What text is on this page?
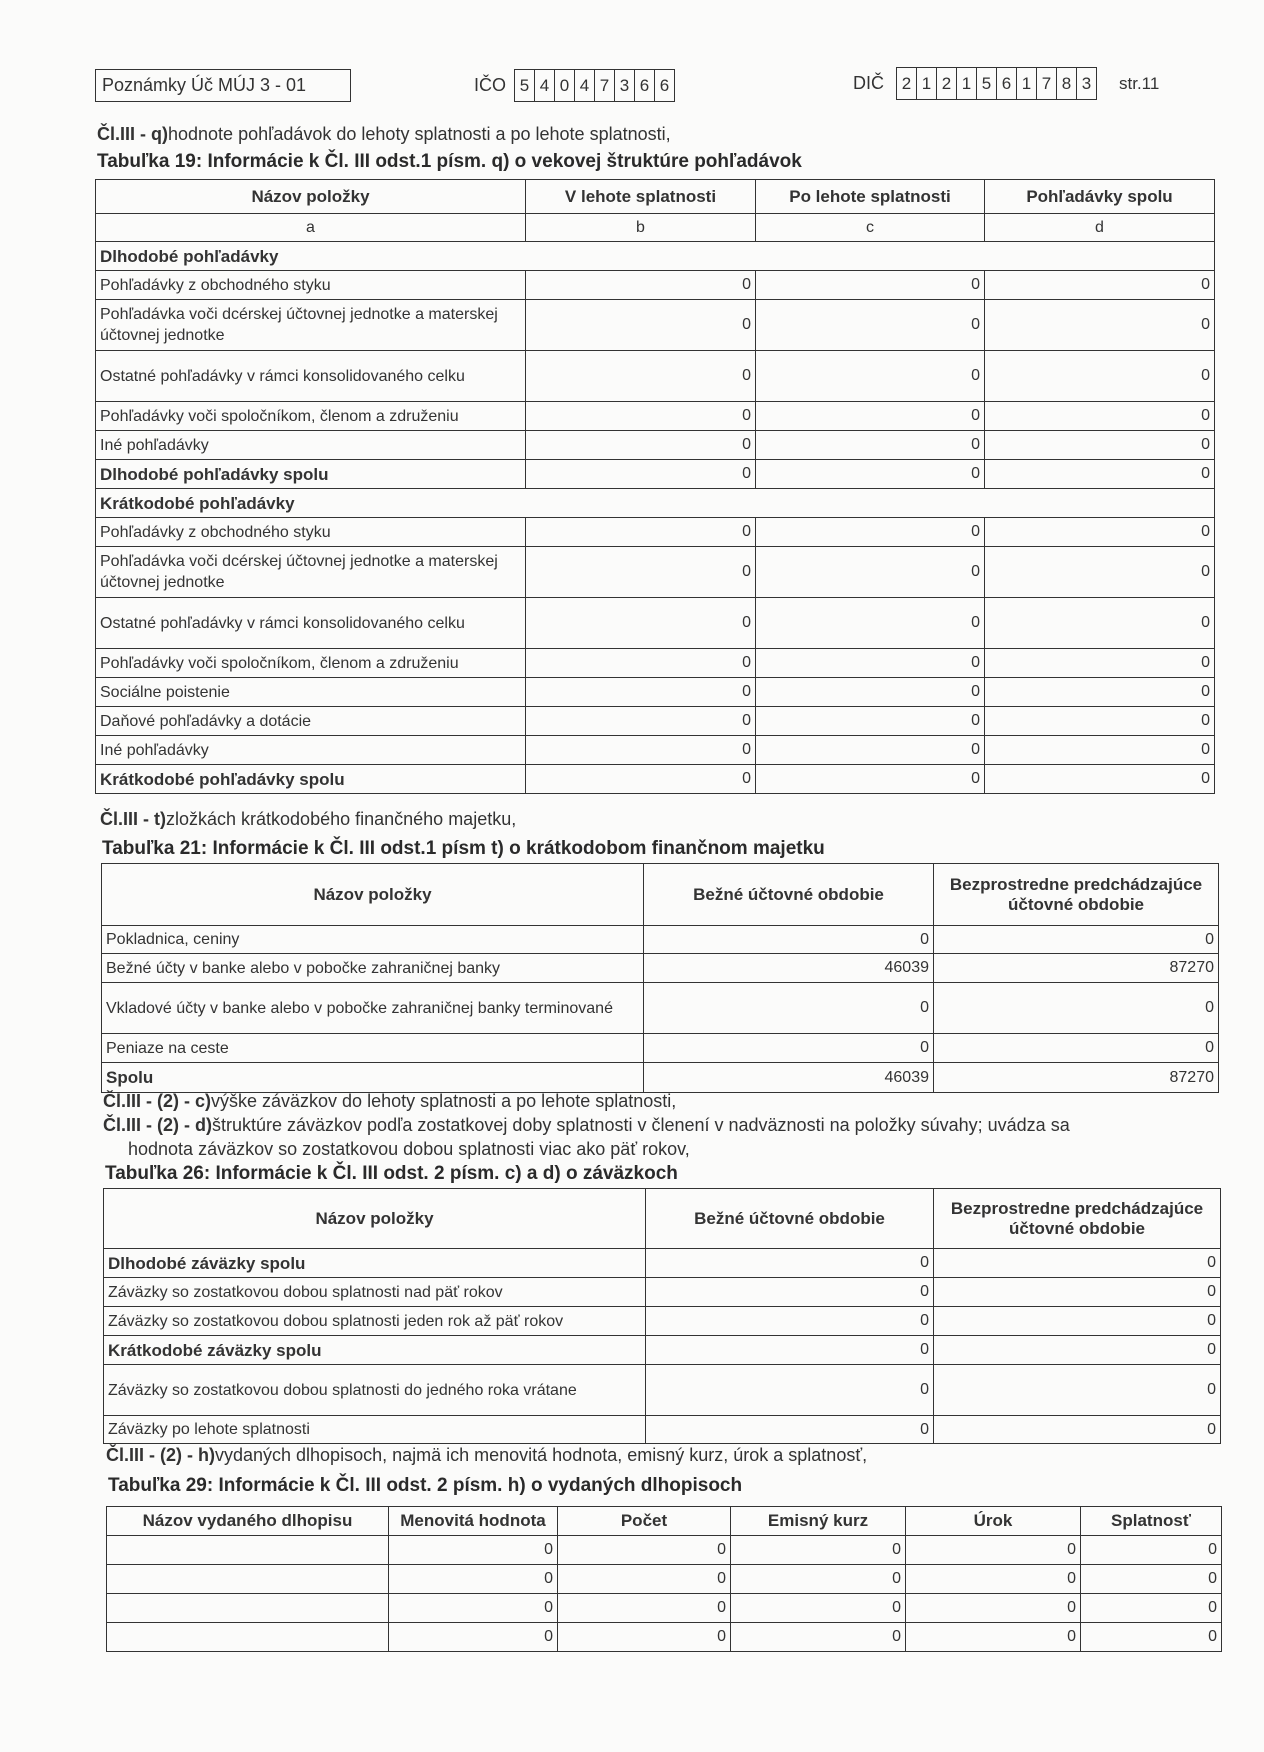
Poznámky Úč MÚJ 3 - 01	IČO 5 4 0 4 7 3 6 6	DIČ 2 1 2 1 5 6 1 7 8 3 str.11
Čl.III - q)hodnote pohľadávok do lehoty splatnosti a po lehote splatnosti,
Tabuľka 19: Informácie k Čl. III odst.1 písm. q) o vekovej štruktúre pohľadávok
Názov položky	V lehote splatnosti	Po lehote splatnosti	Pohľadávky spolu
a	b	c	d
Dlhodobé pohľadávky			
Pohľadávky z obchodného styku	0	0	0
Pohľadávka voči dcérskej účtovnej jednotke a materskej účtovnej jednotke	0	0	0
Ostatné pohľadávky v rámci konsolidovaného celku	0	0	0
Pohľadávky voči spoločníkom, členom a združeniu	0	0	0
Iné pohľadávky	0	0	0
Dlhodobé pohľadávky spolu	0	0	0
Krátkodobé pohľadávky			
Pohľadávky z obchodného styku	0	0	0
Pohľadávka voči dcérskej účtovnej jednotke a materskej účtovnej jednotke	0	0	0
Ostatné pohľadávky v rámci konsolidovaného celku	0	0	0
Pohľadávky voči spoločníkom, členom a združeniu	0	0	0
Sociálne poistenie	0	0	0
Daňové pohľadávky a dotácie	0	0	0
Iné pohľadávky	0	0	0
Krátkodobé pohľadávky spolu	0	0	0
Čl.III - t)zložkách krátkodobého finančného majetku,
Tabuľka 21: Informácie k Čl. III odst.1 písm t) o krátkodobom finančnom majetku
Názov položky	Bežné účtovné obdobie	Bezprostredne predchádzajúce účtovné obdobie
Pokladnica, ceniny	0	0
Bežné účty v banke alebo v pobočke zahraničnej banky	46039	87270
Vkladové účty v banke alebo v pobočke zahraničnej banky terminované	0	0
Peniaze na ceste	0	0
Spolu	46039	87270
Čl.III - (2) - c)výške záväzkov do lehoty splatnosti a po lehote splatnosti,
Čl.III - (2) - d)štruktúre záväzkov podľa zostatkovej doby splatnosti v členení v nadväznosti na položky súvahy; uvádza sa
hodnota záväzkov so zostatkovou dobou splatnosti viac ako päť rokov,
Tabuľka 26: Informácie k Čl. III odst. 2 písm. c) a d) o záväzkoch
Názov položky	Bežné účtovné obdobie	Bezprostredne predchádzajúce účtovné obdobie
Dlhodobé záväzky spolu	0	0
Záväzky so zostatkovou dobou splatnosti nad päť rokov	0	0
Záväzky so zostatkovou dobou splatnosti jeden rok až päť rokov	0	0
Krátkodobé záväzky spolu	0	0
Záväzky so zostatkovou dobou splatnosti do jedného roka vrátane	0	0
Záväzky po lehote splatnosti	0	0
Čl.III - (2) - h)vydaných dlhopisoch, najmä ich menovitá hodnota, emisný kurz, úrok a splatnosť,
Tabuľka 29: Informácie k Čl. III odst. 2 písm. h) o vydaných dlhopisoch
Názov vydaného dlhopisu	Menovitá hodnota	Počet	Emisný kurz	Úrok	Splatnosť
	0	0	0	0	0
	0	0	0	0	0
	0	0	0	0	0
	0	0	0	0	0
